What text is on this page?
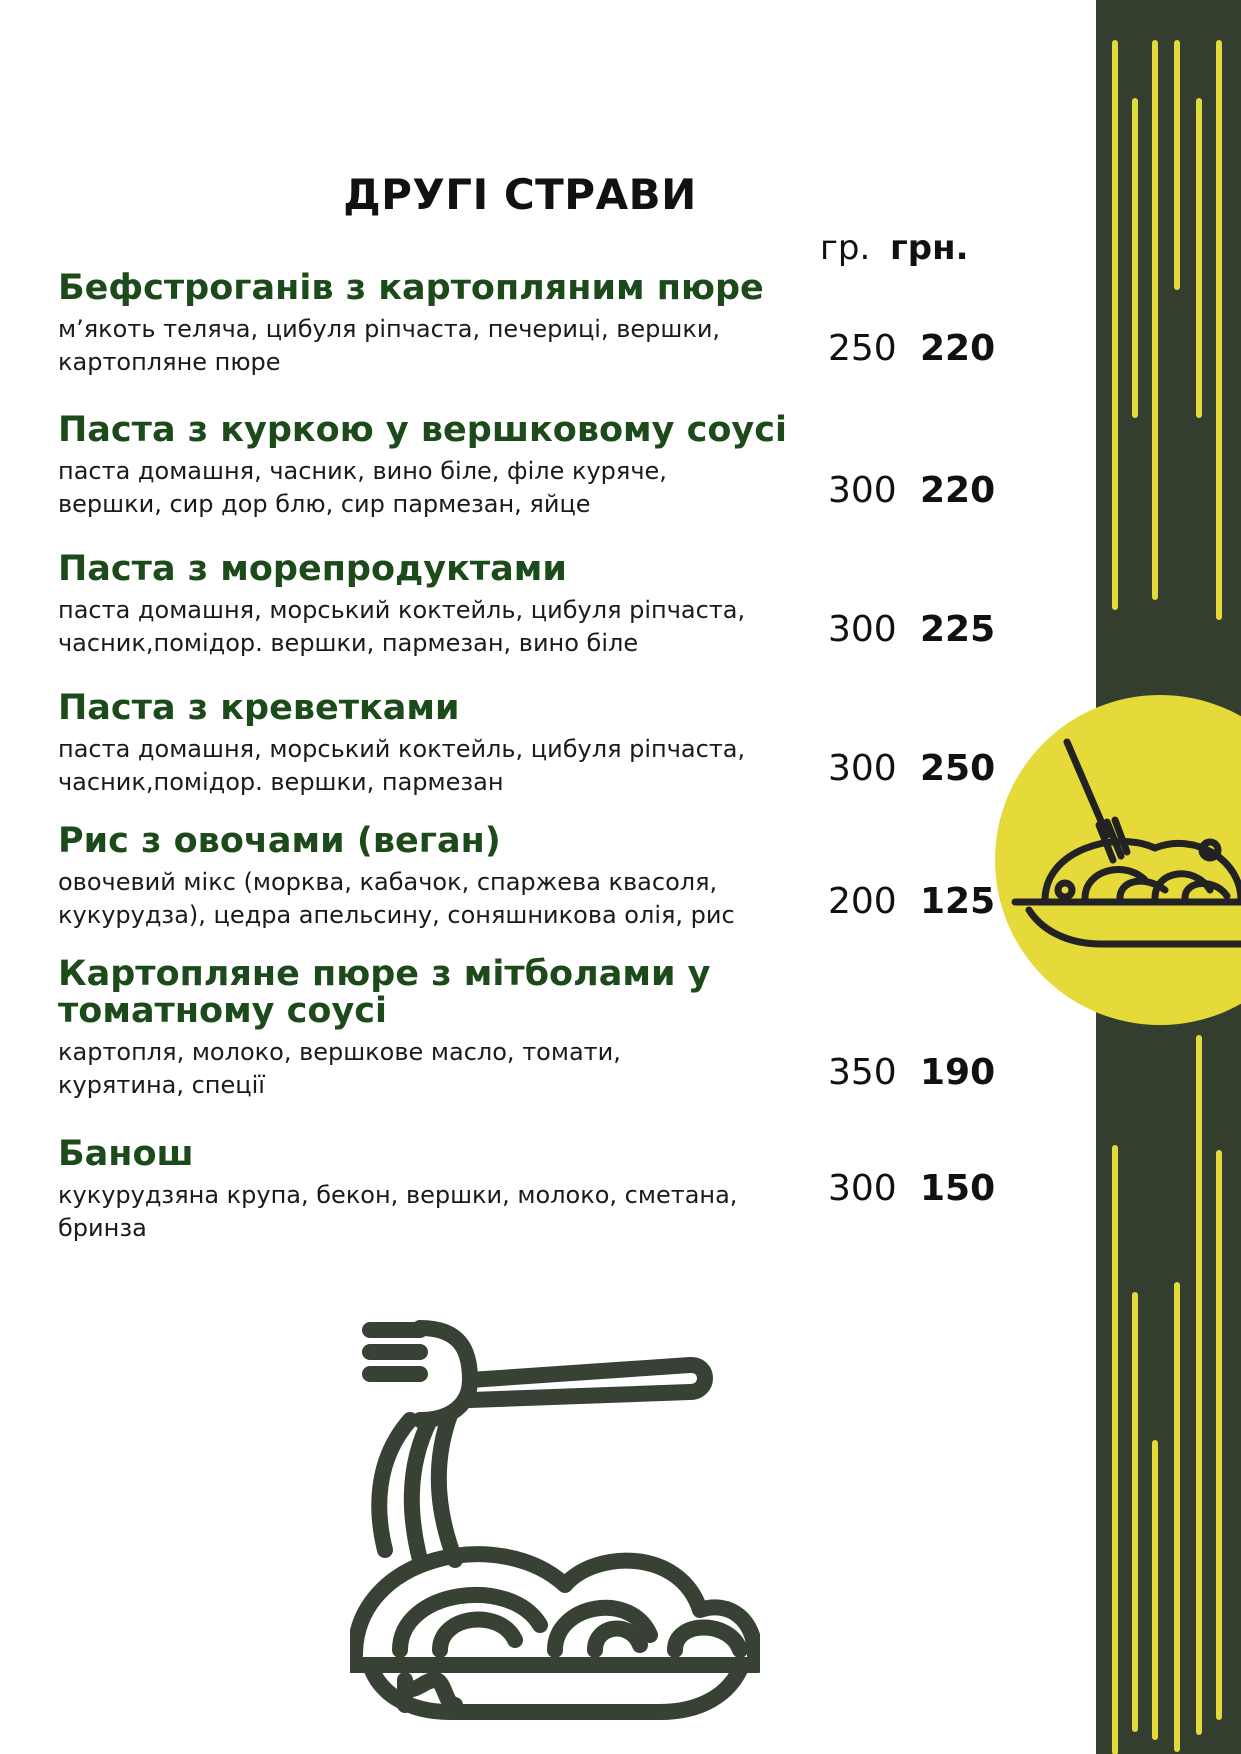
ДРУГІ СТРАВИ
гр. грн.
Бефстроганів з картопляним пюре
м’якоть теляча, цибуля ріпчаста, печериці, вершки,
картопляне пюре	250 220
Паста з куркою у вершковому соусі
паста домашня, часник, вино біле, філе куряче,
вершки, сир дор блю, сир пармезан, яйце	300 220
Паста з морепродуктами
паста домашня, морський коктейль, цибуля ріпчаста,
часник,помідор. вершки, пармезан, вино біле	300 225
Паста з креветками
паста домашня, морський коктейль, цибуля ріпчаста,
часник,помідор. вершки, пармезан	300 250
Рис з овочами (веган)
овочевий мікс (морква, кабачок, спаржева квасоля,
кукурудза), цедра апельсину, соняшникова олія, рис	200 125
Картопляне пюре з мітболами у
томатному соусі
картопля, молоко, вершкове масло, томати,
курятина, спеції	350 190
Банош
кукурудзяна крупа, бекон, вершки, молоко, сметана,
бринза
300 150
